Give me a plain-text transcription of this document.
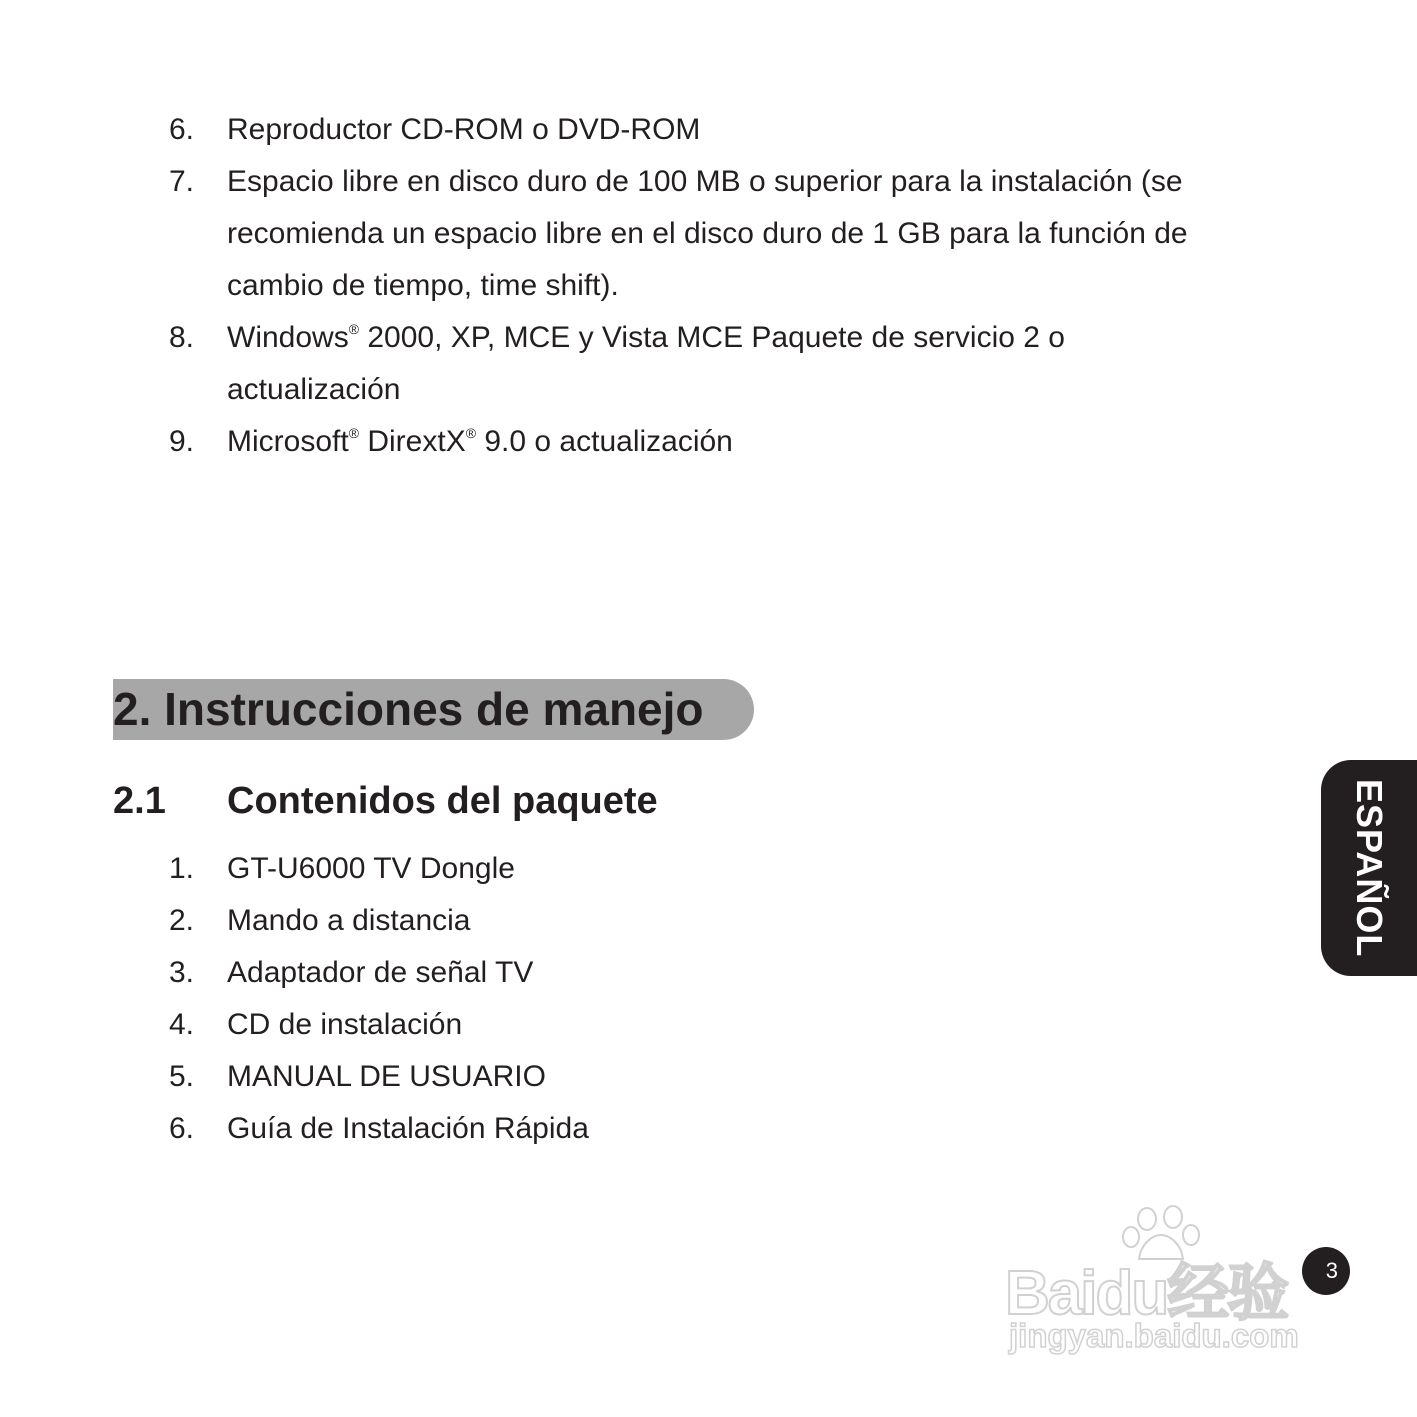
6. Reproductor CD-ROM o DVD-ROM
7. Espacio libre en disco duro de 100 MB o superior para la instalación (se
recomienda un espacio libre en el disco duro de 1 GB para la función de
cambio de tiempo, time shift).
8. Windows® 2000, XP, MCE y Vista MCE Paquete de servicio 2 o
actualización
9. Microsoft® DirextX® 9.0 o actualización
2. Instrucciones de manejo
2.1 Contenidos del paquete
1. GT-U6000 TV Dongle
2. Mando a distancia
3. Adaptador de señal TV
4. CD de instalación
5. MANUAL DE USUARIO
6. Guía de Instalación Rápida
ESPAÑOL
Baidu经验
jingyan.baidu.com
3
